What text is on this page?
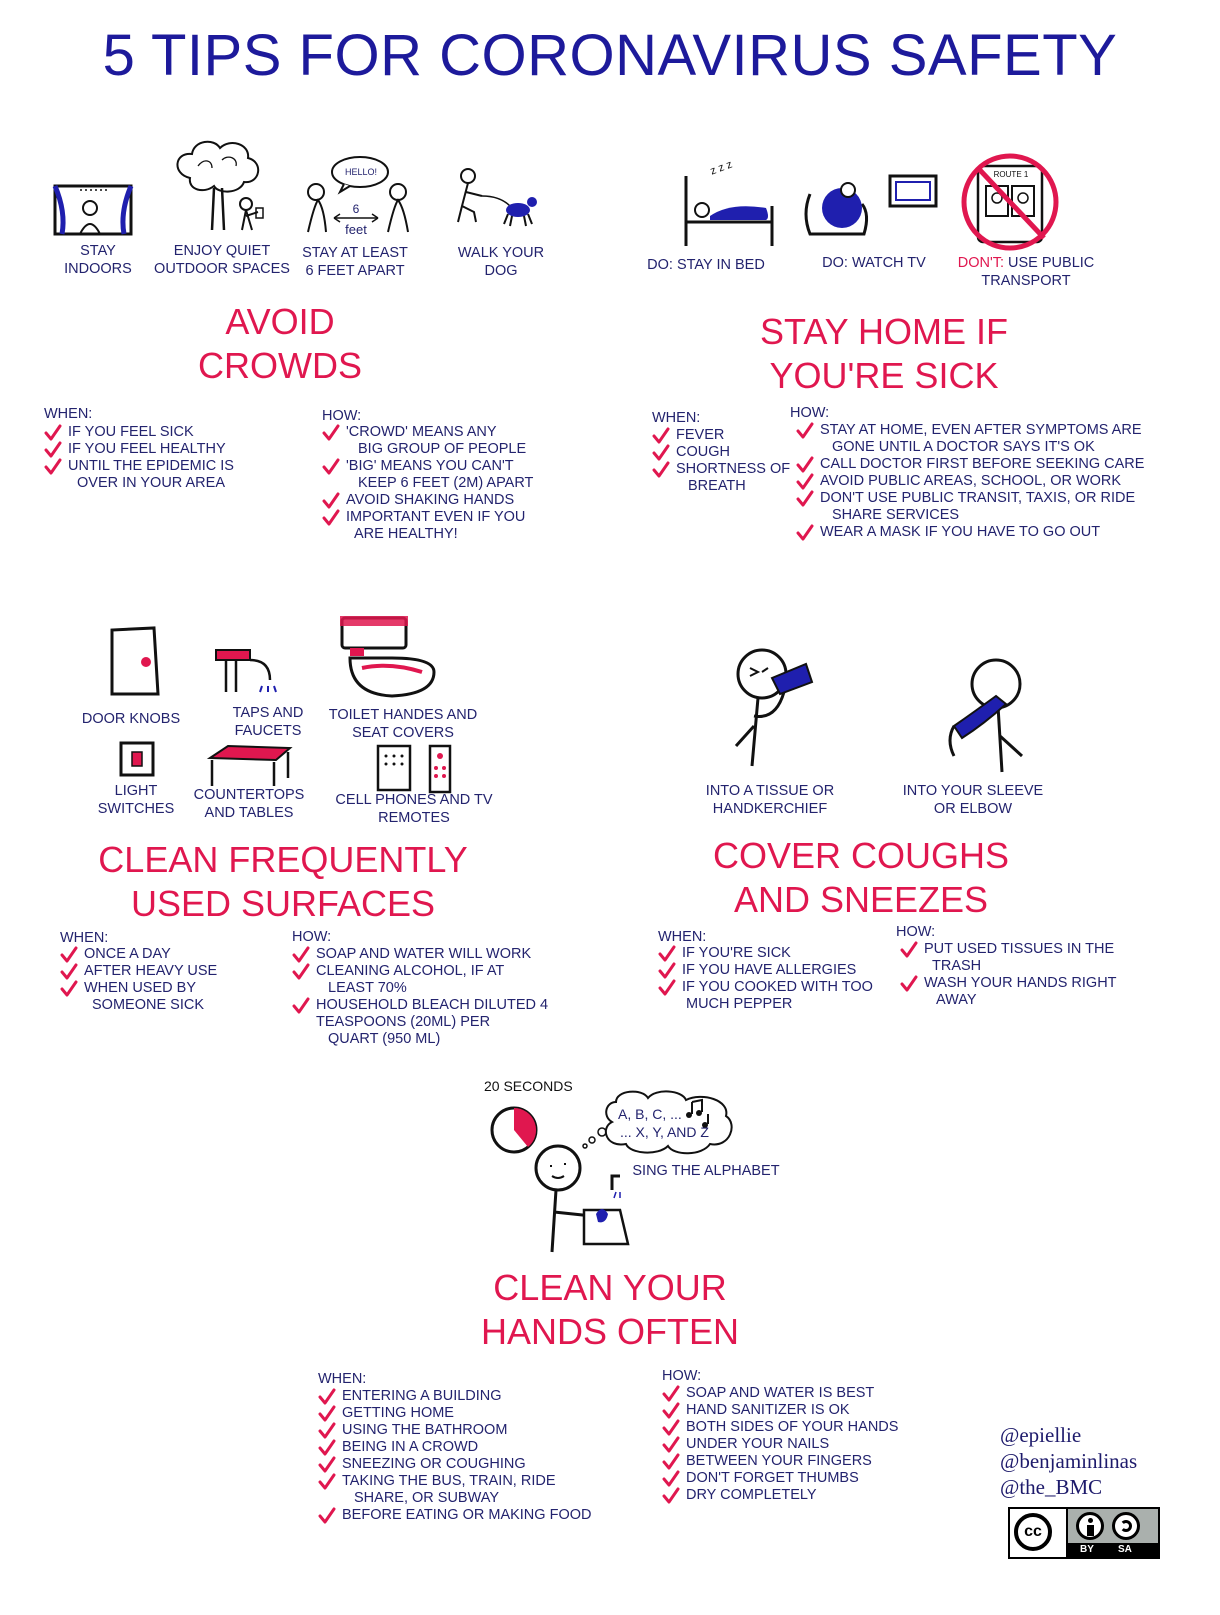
5 TIPS FOR CORONAVIRUS SAFETY
STAY
INDOORS
ENJOY QUIET
OUTDOOR SPACES
HELLO!
6
feet
STAY AT LEAST
6 FEET APART
WALK YOUR
DOG
AVOID
CROWDS
WHEN:
IF YOU FEEL SICK
IF YOU FEEL HEALTHY
UNTIL THE EPIDEMIC IS
OVER IN YOUR AREA
HOW:
'CROWD' MEANS ANY
BIG GROUP OF PEOPLE
'BIG' MEANS YOU CAN'T
KEEP 6 FEET (2M) APART
AVOID SHAKING HANDS
IMPORTANT EVEN IF YOU
ARE HEALTHY!
z z z
DO: STAY IN BED	DO: WATCH TV
ROUTE 1
DON'T: USE PUBLIC
TRANSPORT
STAY HOME IF
YOU'RE SICK
WHEN:
FEVER
COUGH
SHORTNESS OF
BREATH
HOW:
STAY AT HOME, EVEN AFTER SYMPTOMS ARE
GONE UNTIL A DOCTOR SAYS IT'S OK
CALL DOCTOR FIRST BEFORE SEEKING CARE
AVOID PUBLIC AREAS, SCHOOL, OR WORK
DON'T USE PUBLIC TRANSIT, TAXIS, OR RIDE
SHARE SERVICES
WEAR A MASK IF YOU HAVE TO GO OUT
DOOR KNOBS	TAPS AND
FAUCETS
TOILET HANDES AND
SEAT COVERS
LIGHT
SWITCHES
COUNTERTOPS
AND TABLES
CELL PHONES AND TV
REMOTES
CLEAN FREQUENTLY
USED SURFACES
WHEN:
ONCE A DAY
AFTER HEAVY USE
WHEN USED BY
SOMEONE SICK
HOW:
SOAP AND WATER WILL WORK
CLEANING ALCOHOL, IF AT
LEAST 70%
HOUSEHOLD BLEACH DILUTED 4
TEASPOONS (20ML) PER
QUART (950 ML)
INTO A TISSUE OR
HANDKERCHIEF
INTO YOUR SLEEVE
OR ELBOW
COVER COUGHS
AND SNEEZES
WHEN:
IF YOU'RE SICK
IF YOU HAVE ALLERGIES
IF YOU COOKED WITH TOO
MUCH PEPPER
HOW:
PUT USED TISSUES IN THE
TRASH
WASH YOUR HANDS RIGHT
AWAY
20 SECONDS
A, B, C, ...
... X, Y, AND Z
SING THE ALPHABET
CLEAN YOUR
HANDS OFTEN
WHEN:
ENTERING A BUILDING
GETTING HOME
USING THE BATHROOM
BEING IN A CROWD
SNEEZING OR COUGHING
TAKING THE BUS, TRAIN, RIDE
SHARE, OR SUBWAY
BEFORE EATING OR MAKING FOOD
HOW:
SOAP AND WATER IS BEST
HAND SANITIZER IS OK
BOTH SIDES OF YOUR HANDS
UNDER YOUR NAILS
BETWEEN YOUR FINGERS
DON'T FORGET THUMBS
DRY COMPLETELY
@epiellie
@benjaminlinas
@the_BMC
cc
BY SA
